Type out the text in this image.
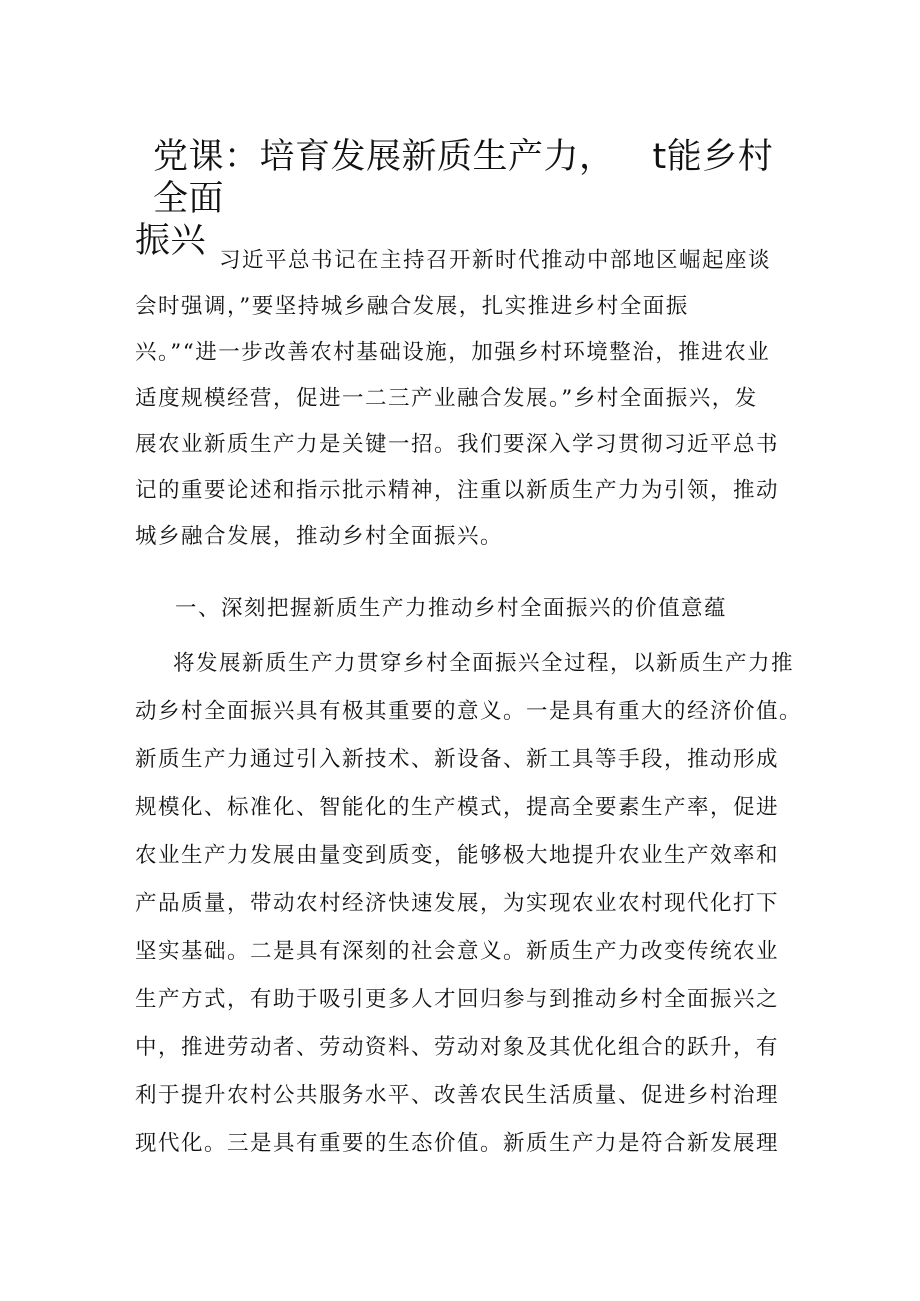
党课：培育发展新质生产力， t能乡村全面
振兴 习近平总书记在主持召开新时代推动中部地区崛起座谈
会时强调，”要坚持城乡融合发展，扎实推进乡村全面振
兴。”“进一步改善农村基础设施，加强乡村环境整治，推进农业
适度规模经营，促进一二三产业融合发展。”乡村全面振兴，发
展农业新质生产力是关键一招。我们要深入学习贯彻习近平总书
记的重要论述和指示批示精神，注重以新质生产力为引领，推动
城乡融合发展，推动乡村全面振兴。
一、深刻把握新质生产力推动乡村全面振兴的价值意蕴
将发展新质生产力贯穿乡村全面振兴全过程，以新质生产力推
动乡村全面振兴具有极其重要的意义。一是具有重大的经济价值。
新质生产力通过引入新技术、新设备、新工具等手段，推动形成
规模化、标准化、智能化的生产模式，提高全要素生产率，促进
农业生产力发展由量变到质变，能够极大地提升农业生产效率和
产品质量，带动农村经济快速发展，为实现农业农村现代化打下
坚实基础。二是具有深刻的社会意义。新质生产力改变传统农业
生产方式，有助于吸引更多人才回归参与到推动乡村全面振兴之
中，推进劳动者、劳动资料、劳动对象及其优化组合的跃升，有
利于提升农村公共服务水平、改善农民生活质量、促进乡村治理
现代化。三是具有重要的生态价值。新质生产力是符合新发展理
